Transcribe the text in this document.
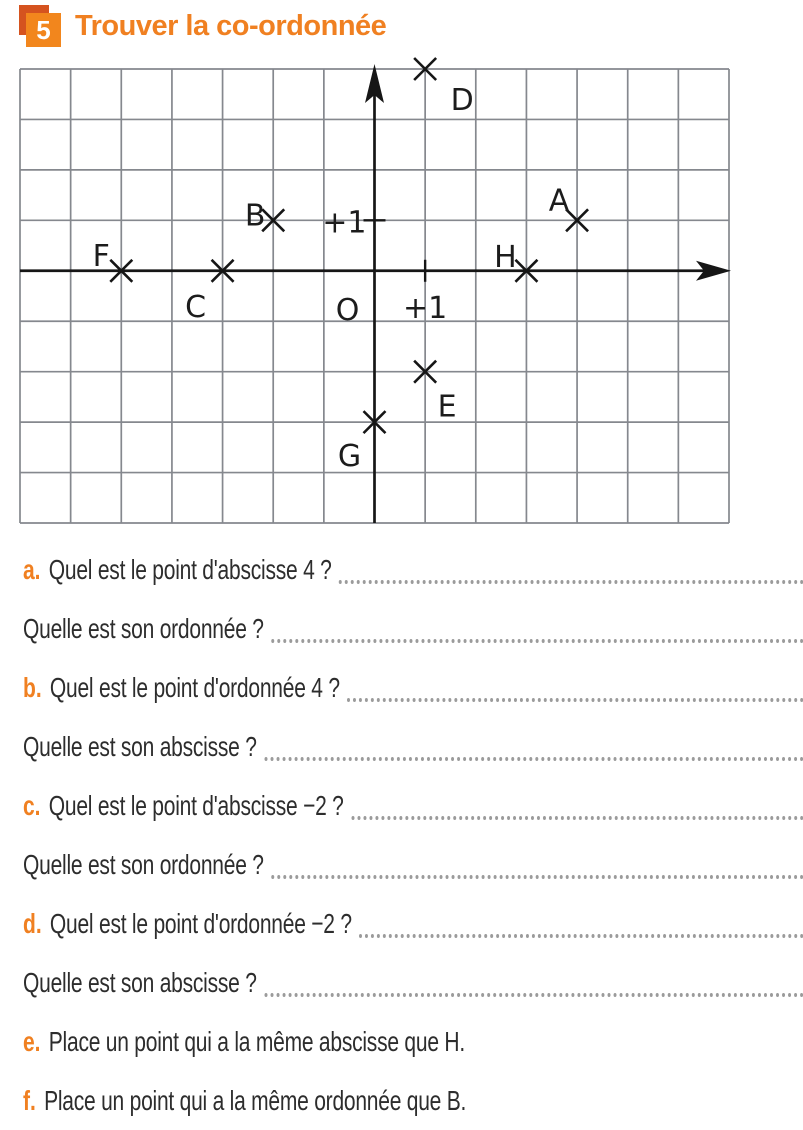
5 Trouver la co-ordonnée
+1
+1
O
A
B
C
D
E
F
G
H
a. Quel est le point d'abscisse 4 ?
Quelle est son ordonnée ?
b. Quel est le point d'ordonnée 4 ?
Quelle est son abscisse ?
c. Quel est le point d'abscisse −2 ?
Quelle est son ordonnée ?
d. Quel est le point d'ordonnée −2 ?
Quelle est son abscisse ?
e. Place un point qui a la même abscisse que H.
f. Place un point qui a la même ordonnée que B.
